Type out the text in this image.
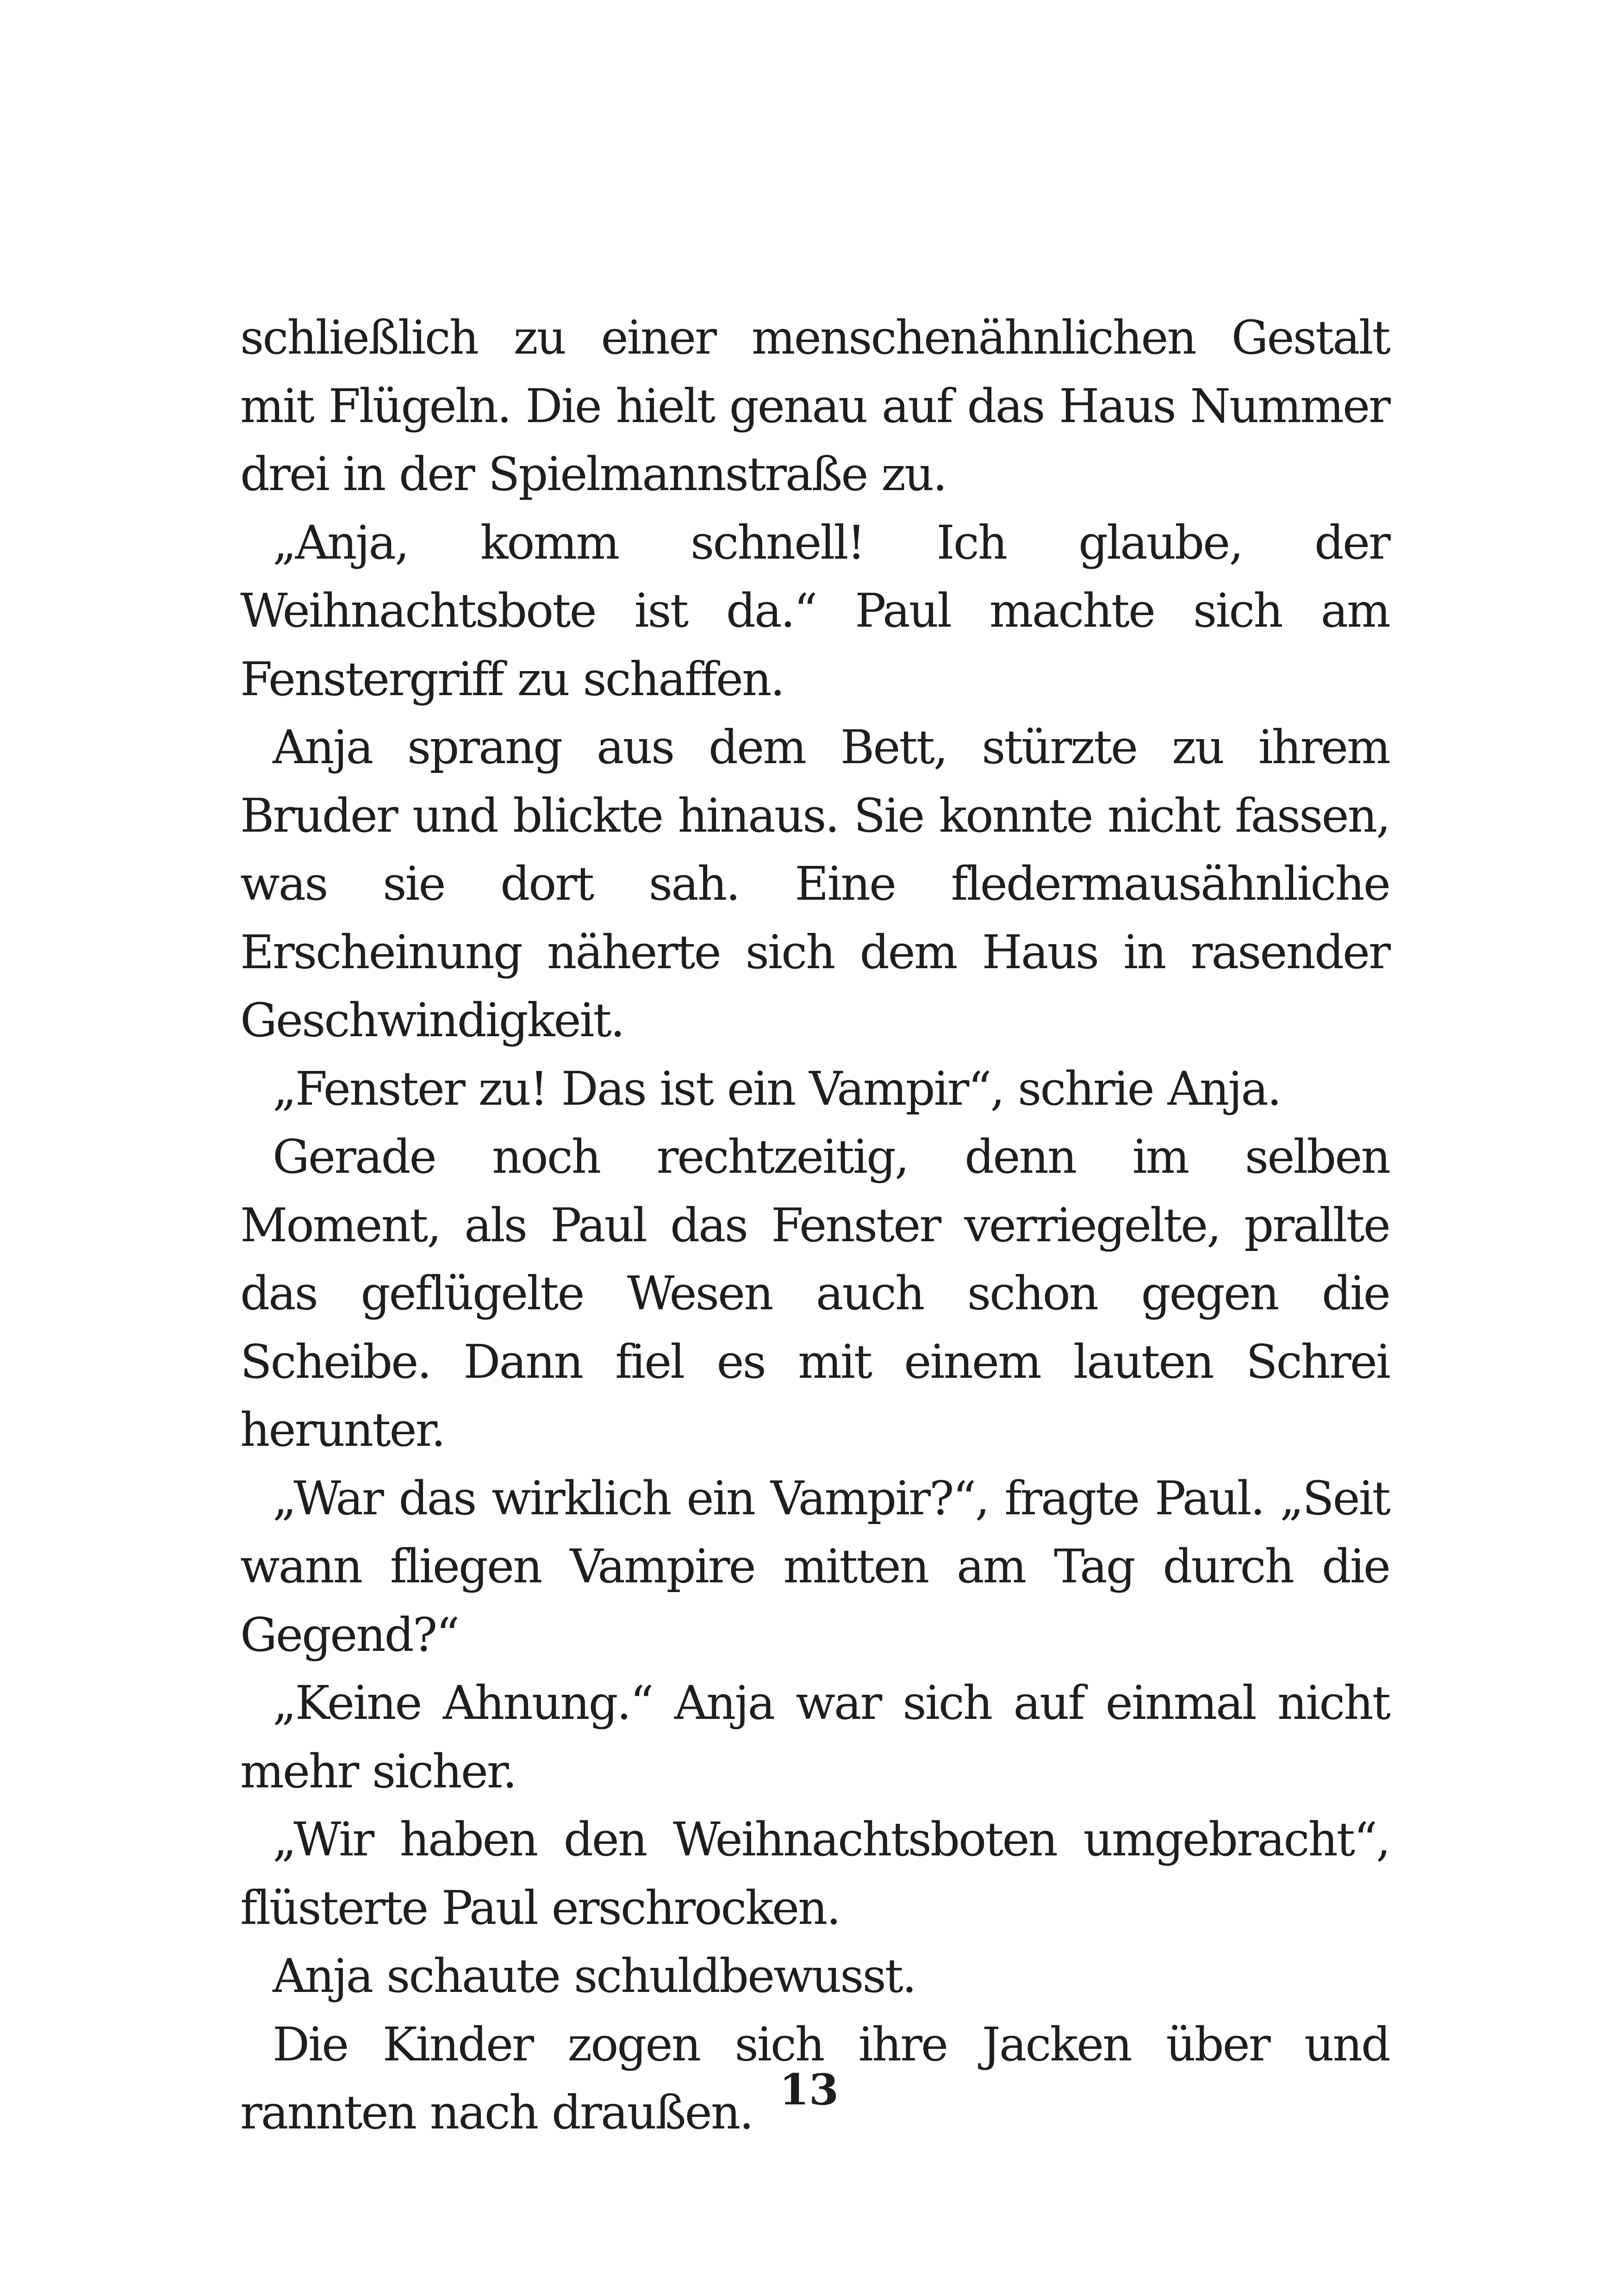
schließlich zu einer menschenähnlichen Gestalt mit Flügeln. Die hielt genau auf das Haus Nummer drei in der Spielmannstraße zu.

„Anja, komm schnell! Ich glaube, der Weihnachtsbote ist da.“ Paul machte sich am Fenstergriff zu schaffen.

Anja sprang aus dem Bett, stürzte zu ihrem Bruder und blickte hinaus. Sie konnte nicht fassen, was sie dort sah. Eine fledermausähnliche Erscheinung näherte sich dem Haus in rasender Geschwindigkeit.

„Fenster zu! Das ist ein Vampir“, schrie Anja.

Gerade noch rechtzeitig, denn im selben Moment, als Paul das Fenster verriegelte, prallte das geflügelte Wesen auch schon gegen die Scheibe. Dann fiel es mit einem lauten Schrei herunter.

„War das wirklich ein Vampir?“, fragte Paul. „Seit wann fliegen Vampire mitten am Tag durch die Gegend?“

„Keine Ahnung.“ Anja war sich auf einmal nicht mehr sicher.

„Wir haben den Weihnachtsboten umgebracht“, flüsterte Paul erschrocken.

Anja schaute schuldbewusst.

Die Kinder zogen sich ihre Jacken über und rannten nach draußen. 13
